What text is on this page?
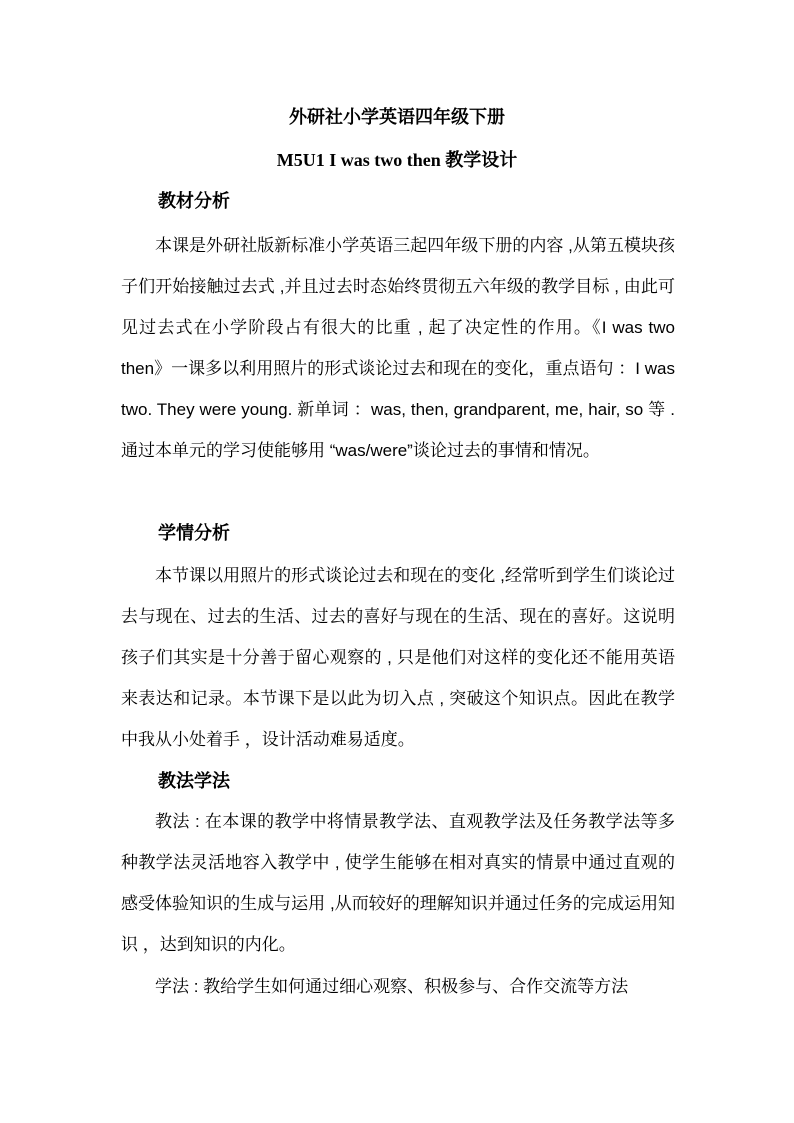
外研社小学英语四年级下册
M5U1 I was two then 教学设计
教材分析
本课是外研社版新标准小学英语三起四年级下册的内容 ,从第五模块孩子们开始接触过去式 ,并且过去时态始终贯彻五六年级的教学目标 , 由此可见过去式在小学阶段占有很大的比重 , 起了决定性的作用。《I was two then》一课多以利用照片的形式谈论过去和现在的变化，重点语句 ：I was two. They were young. 新单词 ：was, then, grandparent, me, hair, so 等 . 通过本单元的学习使能够用 “was/were”谈论过去的事情和情况。
学情分析
本节课以用照片的形式谈论过去和现在的变化 ,经常听到学生们谈论过去与现在、过去的生活、过去的喜好与现在的生活、现在的喜好。这说明孩子们其实是十分善于留心观察的 , 只是他们对这样的变化还不能用英语来表达和记录。本节课下是以此为切入点 , 突破这个知识点。因此在教学中我从小处着手 ，设计活动难易适度。
教法学法
教法 : 在本课的教学中将情景教学法、直观教学法及任务教学法等多种教学法灵活地容入教学中 , 使学生能够在相对真实的情景中通过直观的感受体验知识的生成与运用 ,从而较好的理解知识并通过任务的完成运用知识 ，达到知识的内化。
学法 : 教给学生如何通过细心观察、积极参与、合作交流等方法
